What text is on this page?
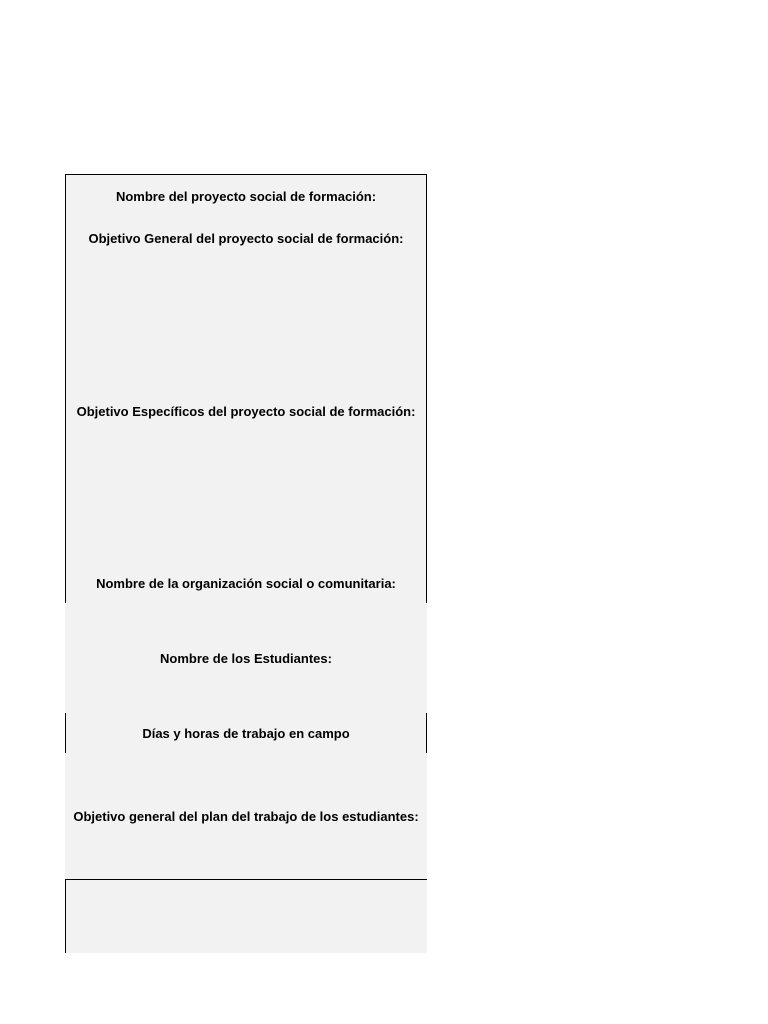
Nombre del proyecto social de formación:
Objetivo General del proyecto social de formación:
Objetivo Específicos del proyecto social de formación:
Nombre de la organización social o comunitaria:
Nombre de los Estudiantes:
Días y horas de trabajo en campo
Objetivo general del plan del trabajo de los estudiantes:
